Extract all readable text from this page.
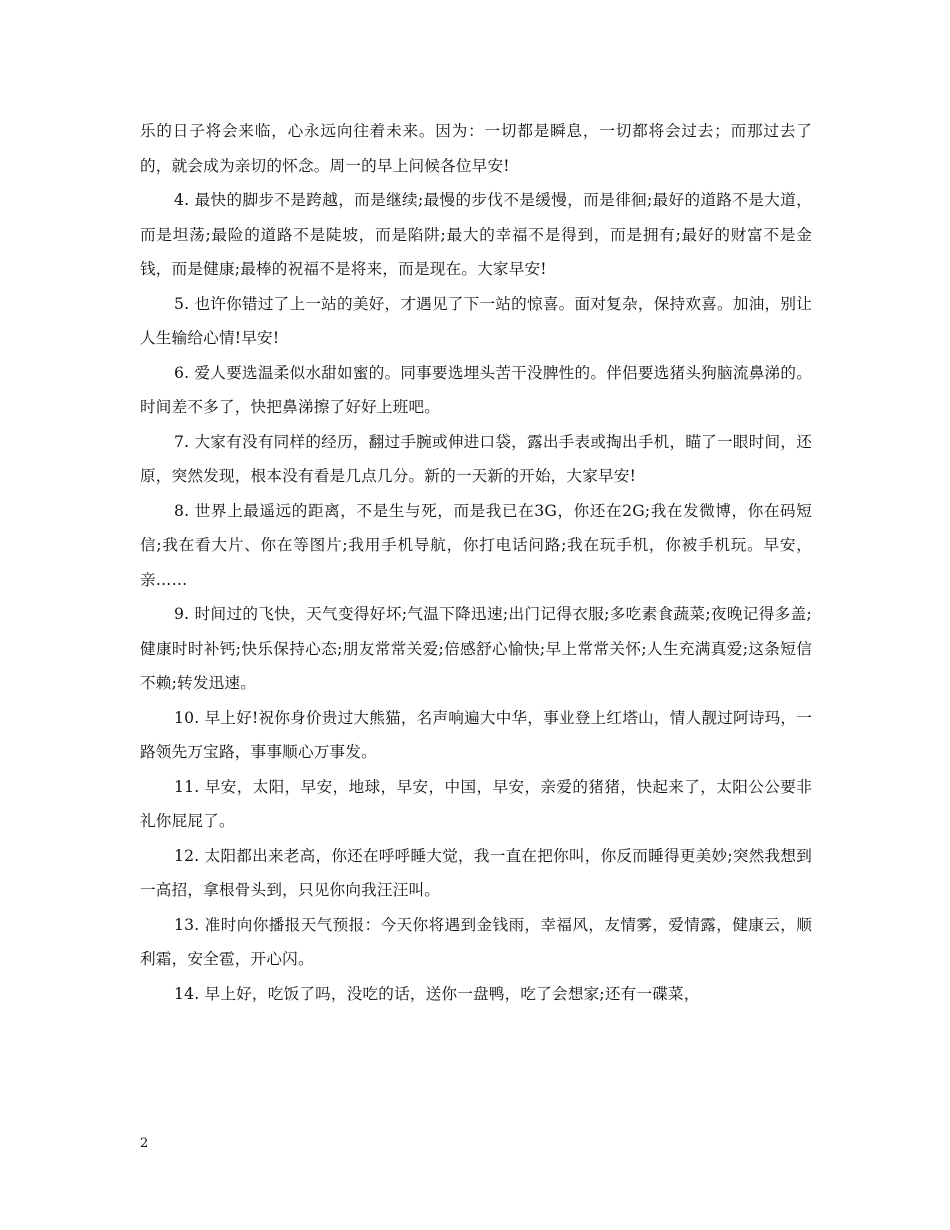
乐的日子将会来临，心永远向往着未来。因为：一切都是瞬息，一切都将会过去；而那过去了的，就会成为亲切的怀念。周一的早上问候各位早安!

4. 最快的脚步不是跨越，而是继续;最慢的步伐不是缓慢，而是徘徊;最好的道路不是大道，而是坦荡;最险的道路不是陡坡，而是陷阱;最大的幸福不是得到，而是拥有;最好的财富不是金钱，而是健康;最棒的祝福不是将来，而是现在。大家早安!

5. 也许你错过了上一站的美好，才遇见了下一站的惊喜。面对复杂，保持欢喜。加油，别让人生输给心情!早安!

6. 爱人要选温柔似水甜如蜜的。同事要选埋头苦干没脾性的。伴侣要选猪头狗脑流鼻涕的。时间差不多了，快把鼻涕擦了好好上班吧。

7. 大家有没有同样的经历，翻过手腕或伸进口袋，露出手表或掏出手机，瞄了一眼时间，还原，突然发现，根本没有看是几点几分。新的一天新的开始，大家早安!

8. 世界上最遥远的距离，不是生与死，而是我已在3G，你还在2G;我在发微博，你在码短信;我在看大片、你在等图片;我用手机导航，你打电话问路;我在玩手机，你被手机玩。早安，亲……

9. 时间过的飞快，天气变得好坏;气温下降迅速;出门记得衣服;多吃素食蔬菜;夜晚记得多盖;健康时时补钙;快乐保持心态;朋友常常关爱;倍感舒心愉快;早上常常关怀;人生充满真爱;这条短信不赖;转发迅速。

10. 早上好!祝你身价贵过大熊猫，名声响遍大中华，事业登上红塔山，情人靓过阿诗玛，一路领先万宝路，事事顺心万事发。

11. 早安，太阳，早安，地球，早安，中国，早安，亲爱的猪猪，快起来了，太阳公公要非礼你屁屁了。

12. 太阳都出来老高，你还在呼呼睡大觉，我一直在把你叫，你反而睡得更美妙;突然我想到一高招，拿根骨头到，只见你向我汪汪叫。

13. 准时向你播报天气预报：今天你将遇到金钱雨，幸福风，友情雾，爱情露，健康云，顺利霜，安全雹，开心闪。

14. 早上好，吃饭了吗，没吃的话，送你一盘鸭，吃了会想家;还有一碟菜，

2
